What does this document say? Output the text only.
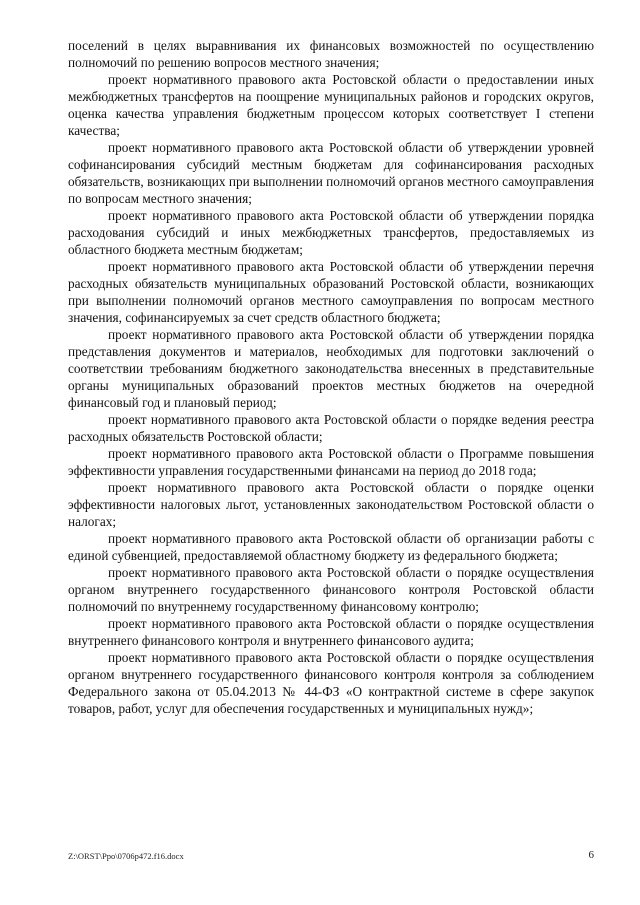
поселений в целях выравнивания их финансовых возможностей по осуществлению полномочий по решению вопросов местного значения;

проект нормативного правового акта Ростовской области о предоставлении иных межбюджетных трансфертов на поощрение муниципальных районов и городских округов, оценка качества управления бюджетным процессом которых соответствует I степени качества;

проект нормативного правового акта Ростовской области об утверждении уровней софинансирования субсидий местным бюджетам для софинансирования расходных обязательств, возникающих при выполнении полномочий органов местного самоуправления по вопросам местного значения;

проект нормативного правового акта Ростовской области об утверждении порядка расходования субсидий и иных межбюджетных трансфертов, предоставляемых из областного бюджета местным бюджетам;

проект нормативного правового акта Ростовской области об утверждении перечня расходных обязательств муниципальных образований Ростовской области, возникающих при выполнении полномочий органов местного самоуправления по вопросам местного значения, софинансируемых за счет средств областного бюджета;

проект нормативного правового акта Ростовской области об утверждении порядка представления документов и материалов, необходимых для подготовки заключений о соответствии требованиям бюджетного законодательства внесенных в представительные органы муниципальных образований проектов местных бюджетов на очередной финансовый год и плановый период;

проект нормативного правового акта Ростовской области о порядке ведения реестра расходных обязательств Ростовской области;

проект нормативного правового акта Ростовской области о Программе повышения эффективности управления государственными финансами на период до 2018 года;

проект нормативного правового акта Ростовской области о порядке оценки эффективности налоговых льгот, установленных законодательством Ростовской области о налогах;

проект нормативного правового акта Ростовской области об организации работы с единой субвенцией, предоставляемой областному бюджету из федерального бюджета;

проект нормативного правового акта Ростовской области о порядке осуществления органом внутреннего государственного финансового контроля Ростовской области полномочий по внутреннему государственному финансовому контролю;

проект нормативного правового акта Ростовской области о порядке осуществления внутреннего финансового контроля и внутреннего финансового аудита;

проект нормативного правового акта Ростовской области о порядке осуществления органом внутреннего государственного финансового контроля контроля за соблюдением Федерального закона от 05.04.2013 № 44-ФЗ «О контрактной системе в сфере закупок товаров, работ, услуг для обеспечения государственных и муниципальных нужд»;

Z:\ORST\Ppo\0706p472.f16.docx	6
